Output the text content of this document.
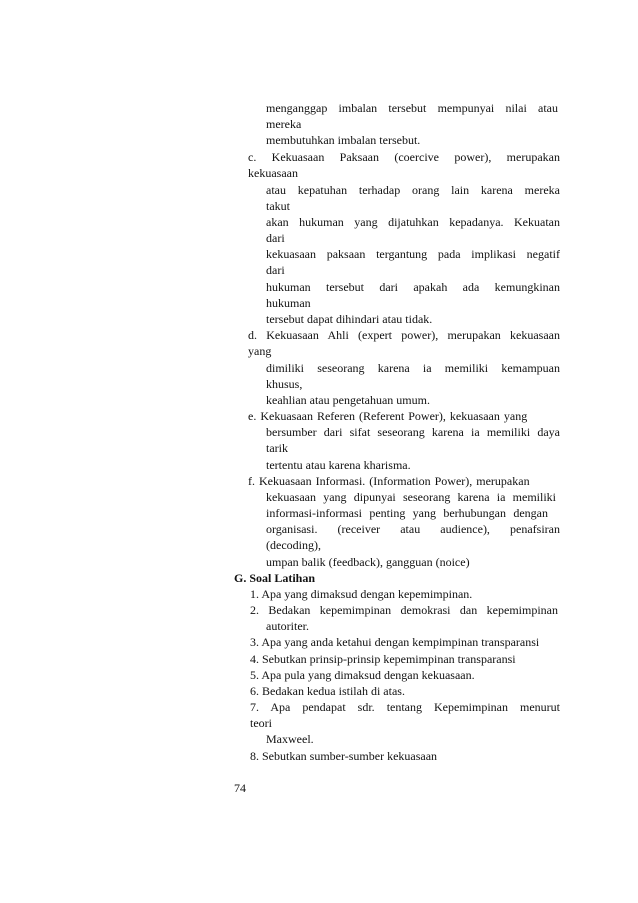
menganggap imbalan tersebut mempunyai nilai atau

mereka

membutuhkan imbalan tersebut.

c. Kekuasaan Paksaan (coercive power), merupakan

kekuasaan

atau kepatuhan terhadap orang lain karena mereka

takut

akan hukuman yang dijatuhkan kepadanya. Kekuatan

dari

kekuasaan paksaan tergantung pada implikasi negatif

dari

hukuman tersebut dari apakah ada kemungkinan

hukuman

tersebut dapat dihindari atau tidak.

d. Kekuasaan Ahli (expert power), merupakan kekuasaan

yang

dimiliki seseorang karena ia memiliki kemampuan

khusus,

keahlian atau pengetahuan umum.

e. Kekuasaan Referen (Referent Power), kekuasaan yang

bersumber dari sifat seseorang karena ia memiliki daya

tarik

tertentu atau karena kharisma.

f. Kekuasaan Informasi. (Information Power), merupakan

kekuasaan yang dipunyai seseorang karena ia memiliki

informasi-informasi penting yang berhubungan dengan

organisasi. (receiver atau audience), penafsiran

(decoding),

umpan balik (feedback), gangguan (noice)

G. Soal Latihan

1. Apa yang dimaksud dengan kepemimpinan.

2. Bedakan kepemimpinan demokrasi dan kepemimpinan

autoriter.

3. Apa yang anda ketahui dengan kempimpinan transparansi

4. Sebutkan prinsip-prinsip kepemimpinan transparansi

5. Apa pula yang dimaksud dengan kekuasaan.

6. Bedakan kedua istilah di atas.

7. Apa pendapat sdr. tentang Kepemimpinan menurut

teori

Maxweel.

8. Sebutkan sumber-sumber kekuasaan

74
